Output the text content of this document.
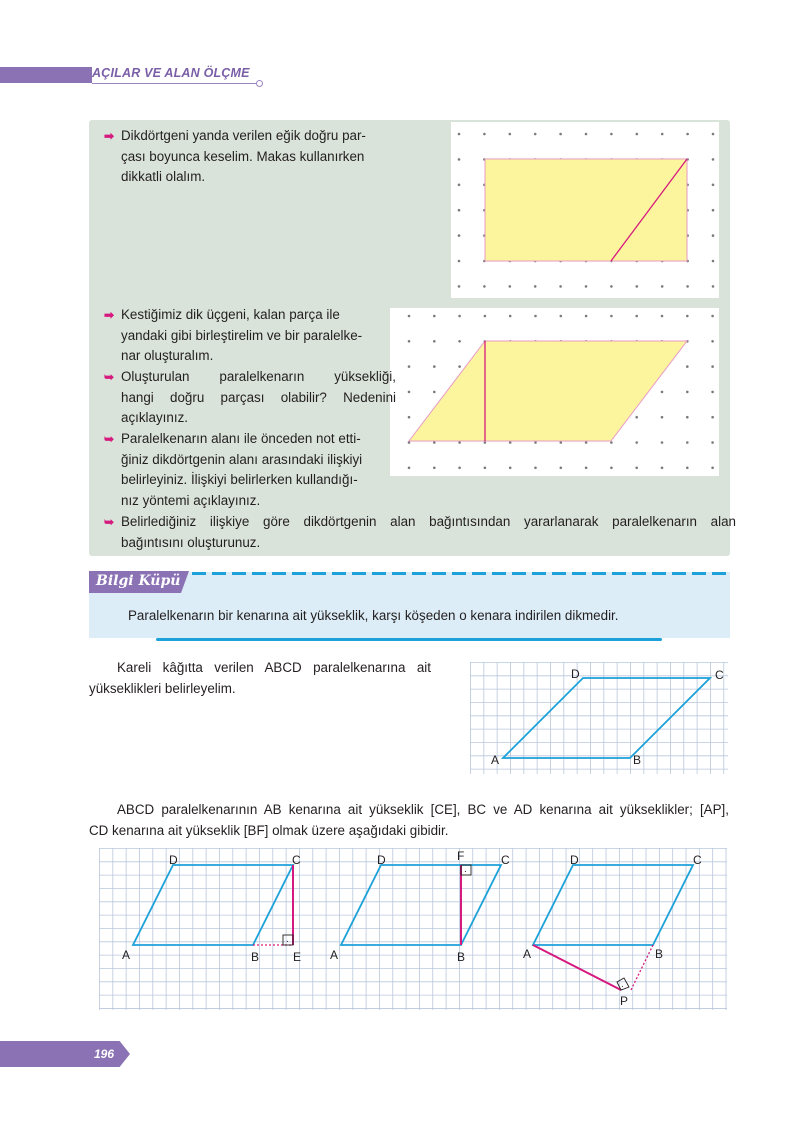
AÇILAR VE ALAN ÖLÇME
➡ Dikdörtgeni yanda verilen eğik doğru par-
çası boyunca keselim. Makas kullanırken
dikkatli olalım.
➡ Kestiğimiz dik üçgeni, kalan parça ile
yandaki gibi birleştirelim ve bir paralelke-
nar oluşturalım.
➥ Oluşturulan paralelkenarın yüksekliği,
hangi doğru parçası olabilir? Nedenini
açıklayınız.
➥ Paralelkenarın alanı ile önceden not etti-
ğiniz dikdörtgenin alanı arasındaki ilişkiyi
belirleyiniz. İlişkiyi belirlerken kullandığı-
nız yöntemi açıklayınız.
➥ Belirlediğiniz ilişkiye göre dikdörtgenin alan bağıntısından yararlanarak paralelkenarın alan
bağıntısını oluşturunuz.
Bilgi Küpü
Paralelkenarın bir kenarına ait yükseklik, karşı köşeden o kenara indirilen dikmedir.
Kareli kâğıtta verilen ABCD paralelkenarına ait
yükseklikleri belirleyelim.
A	B
C
D
ABCD paralelkenarının AB kenarına ait yükseklik [CE], BC ve AD kenarına ait yükseklikler; [AP],
CD kenarına ait yükseklik [BF] olmak üzere aşağıdaki gibidir.
.
A	B
C
D
E
.
A	B
C
D	F
.
A	B
C
D
P
196
